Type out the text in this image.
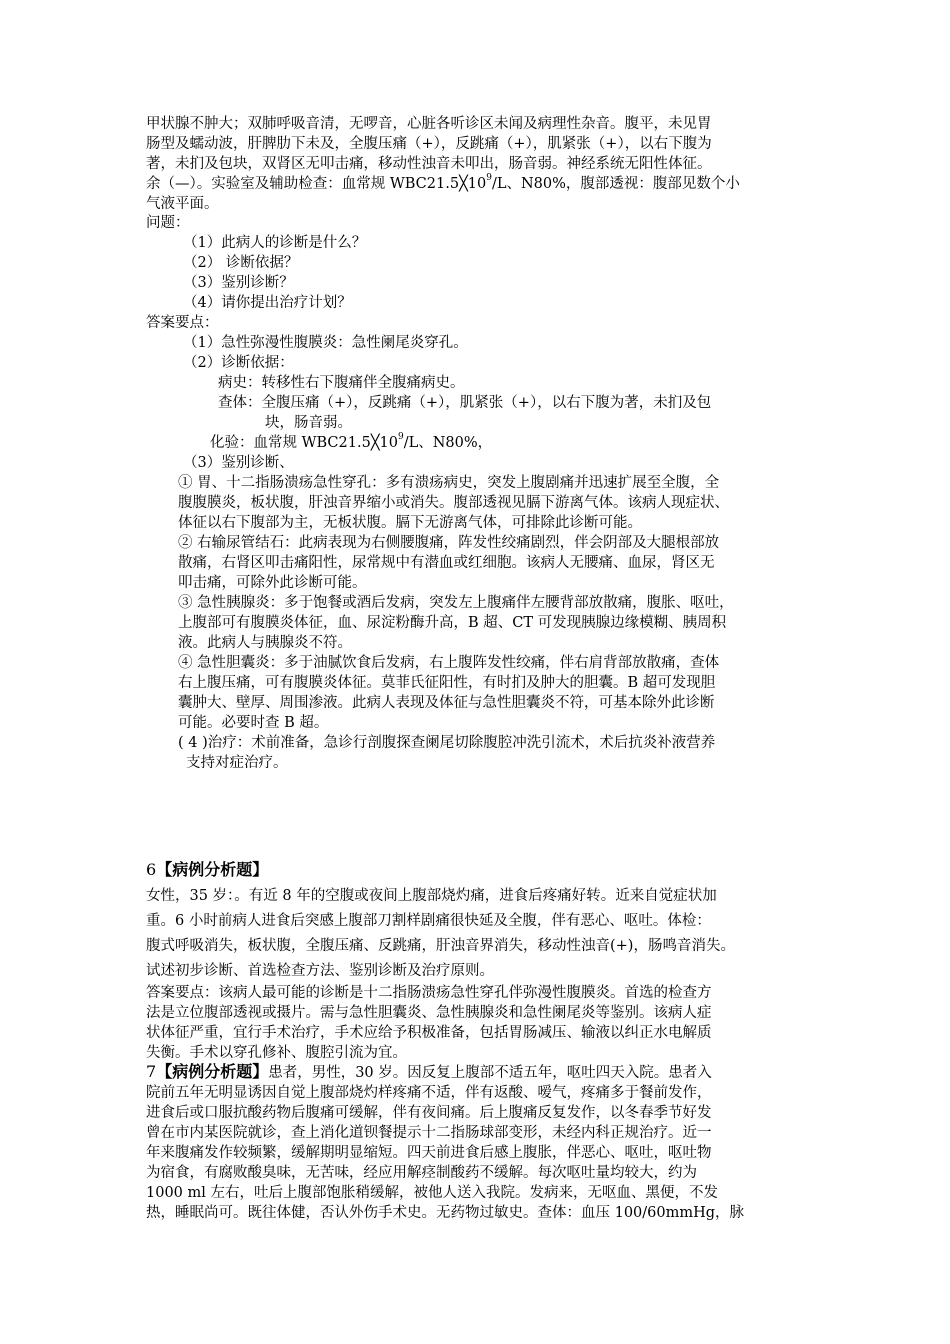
甲状腺不肿大；双肺呼吸音清，无啰音，心脏各听诊区未闻及病理性杂音。腹平，未见胃
肠型及蠕动波，肝脾肋下未及，全腹压痛（+），反跳痛（+），肌紧张（+），以右下腹为
著，未扪及包块，双肾区无叩击痛，移动性浊音未叩出，肠音弱。神经系统无阳性体征。
余（—）。实验室及辅助检查：血常规 $WBC21.5╳10^9/L$、N80%，腹部透视：腹部见数个小
气液平面。
问题：
（1）此病人的诊断是什么？
（2） 诊断依据？
（3）鉴别诊断？
（4）请你提出治疗计划？
答案要点：
（1）急性弥漫性腹膜炎：急性阑尾炎穿孔。
（2）诊断依据：
病史：转移性右下腹痛伴全腹痛病史。
查体：全腹压痛（+），反跳痛（+），肌紧张（+），以右下腹为著，未扪及包
块，肠音弱。
化验：血常规 $WBC21.5╳10^9/L$、N80%，
（3）鉴别诊断、
① 胃、十二指肠溃疡急性穿孔：多有溃疡病史，突发上腹剧痛并迅速扩展至全腹，全
腹腹膜炎，板状腹，肝浊音界缩小或消失。腹部透视见膈下游离气体。该病人现症状、
体征以右下腹部为主，无板状腹。膈下无游离气体，可排除此诊断可能。
② 右输尿管结石：此病表现为右侧腰腹痛，阵发性绞痛剧烈，伴会阴部及大腿根部放
散痛，右肾区叩击痛阳性，尿常规中有潜血或红细胞。该病人无腰痛、血尿，肾区无
叩击痛，可除外此诊断可能。
③ 急性胰腺炎：多于饱餐或酒后发病，突发左上腹痛伴左腰背部放散痛，腹胀、呕吐，
上腹部可有腹膜炎体征，血、尿淀粉酶升高，B 超、CT 可发现胰腺边缘模糊、胰周积
液。此病人与胰腺炎不符。
④ 急性胆囊炎：多于油腻饮食后发病，右上腹阵发性绞痛，伴右肩背部放散痛，查体
右上腹压痛，可有腹膜炎体征。莫菲氏征阳性，有时扪及肿大的胆囊。B 超可发现胆
囊肿大、壁厚、周围渗液。此病人表现及体征与急性胆囊炎不符，可基本除外此诊断
可能。必要时查 B 超。
( 4 )治疗：术前准备，急诊行剖腹探查阑尾切除腹腔冲洗引流术，术后抗炎补液营养
支持对症治疗。
6【病例分析题】
女性，35 岁：。有近 8 年的空腹或夜间上腹部烧灼痛，进食后疼痛好转。近来自觉症状加
重。6 小时前病人进食后突感上腹部刀割样剧痛很快延及全腹，伴有恶心、呕吐。体检：
腹式呼吸消失，板状腹，全腹压痛、反跳痛，肝浊音界消失，移动性浊音(+)，肠鸣音消失。
试述初步诊断、首选检查方法、鉴别诊断及治疗原则。
答案要点：该病人最可能的诊断是十二指肠溃疡急性穿孔伴弥漫性腹膜炎。首选的检查方
法是立位腹部透视或摄片。需与急性胆囊炎、急性胰腺炎和急性阑尾炎等鉴别。该病人症
状体征严重，宜行手术治疗，手术应给予积极准备，包括胃肠减压、输液以纠正水电解质
失衡。手术以穿孔修补、腹腔引流为宜。
7【病例分析题】患者，男性，30 岁。因反复上腹部不适五年，呕吐四天入院。患者入
院前五年无明显诱因自觉上腹部烧灼样疼痛不适，伴有返酸、嗳气，疼痛多于餐前发作，
进食后或口服抗酸药物后腹痛可缓解，伴有夜间痛。后上腹痛反复发作，以冬春季节好发
曾在市内某医院就诊，查上消化道钡餐提示十二指肠球部变形，未经内科正规治疗。近一
年来腹痛发作较频繁，缓解期明显缩短。四天前进食后感上腹胀，伴恶心、呕吐，呕吐物
为宿食，有腐败酸臭味，无苦味，经应用解痉制酸药不缓解。每次呕吐量均较大，约为
1000 ml 左右，吐后上腹部饱胀稍缓解，被他人送入我院。发病来，无呕血、黑便，不发
热，睡眠尚可。既往体健，否认外伤手术史。无药物过敏史。查体：血压 100/60mmHg，脉
